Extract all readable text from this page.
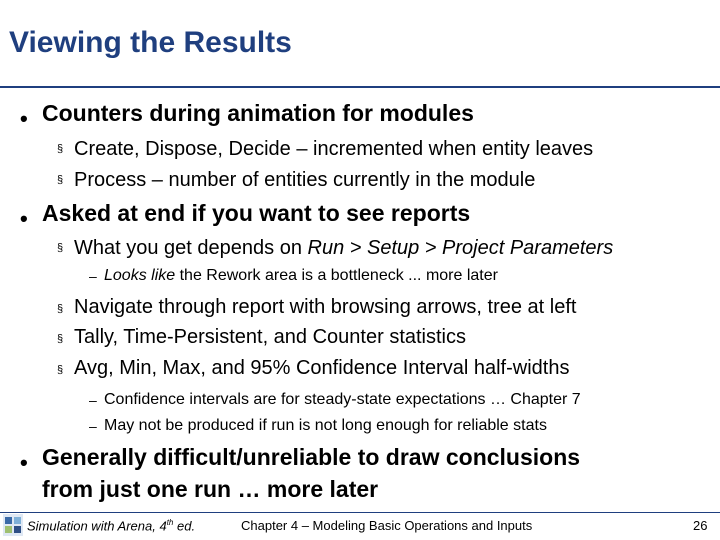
Viewing the Results
• Counters during animation for modules
§ Create, Dispose, Decide – incremented when entity leaves
§ Process – number of entities currently in the module
• Asked at end if you want to see reports
§ What you get depends on Run > Setup > Project Parameters
– Looks like the Rework area is a bottleneck ... more later
§ Navigate through report with browsing arrows, tree at left
§ Tally, Time-Persistent, and Counter statistics
§ Avg, Min, Max, and 95% Confidence Interval half-widths
– Confidence intervals are for steady-state expectations … Chapter 7
– May not be produced if run is not long enough for reliable stats
• Generally difficult/unreliable to draw conclusions
from just one run … more later
Simulation with Arena, 4th ed.	Chapter 4 – Modeling Basic Operations and Inputs	26
